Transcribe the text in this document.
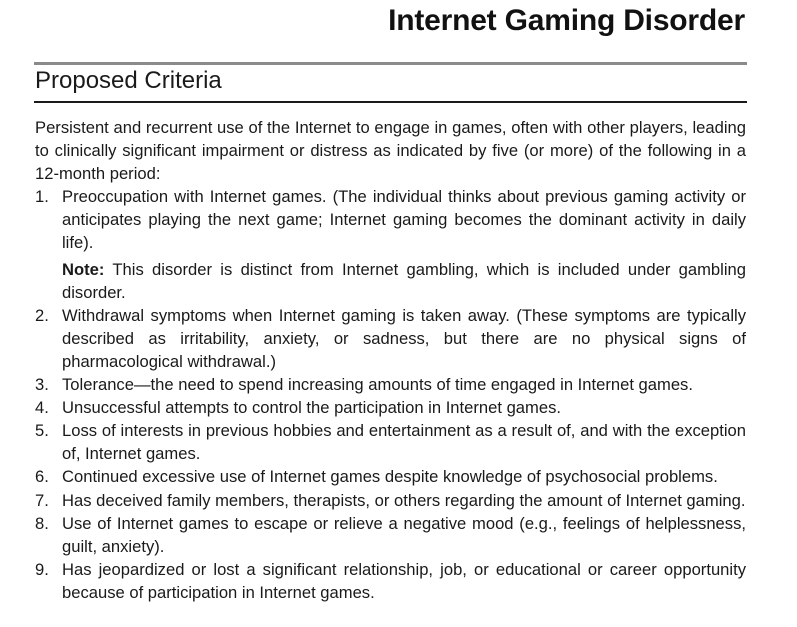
Internet Gaming Disorder
Proposed Criteria

Persistent and recurrent use of the Internet to engage in games, often with other players, leading to clinically significant impairment or distress as indicated by five (or more) of the following in a 12-month period:

1. Preoccupation with Internet games. (The individual thinks about previous gaming activity or anticipates playing the next game; Internet gaming becomes the dominant activity in daily life).

Note: This disorder is distinct from Internet gambling, which is included under gambling disorder.

2. Withdrawal symptoms when Internet gaming is taken away. (These symptoms are typically described as irritability, anxiety, or sadness, but there are no physical signs of pharmacological withdrawal.)

3. Tolerance—the need to spend increasing amounts of time engaged in Internet games.

4. Unsuccessful attempts to control the participation in Internet games.

5. Loss of interests in previous hobbies and entertainment as a result of, and with the exception of, Internet games.

6. Continued excessive use of Internet games despite knowledge of psychosocial problems.

7. Has deceived family members, therapists, or others regarding the amount of Internet gaming.

8. Use of Internet games to escape or relieve a negative mood (e.g., feelings of helplessness, guilt, anxiety).

9. Has jeopardized or lost a significant relationship, job, or educational or career opportunity because of participation in Internet games.
